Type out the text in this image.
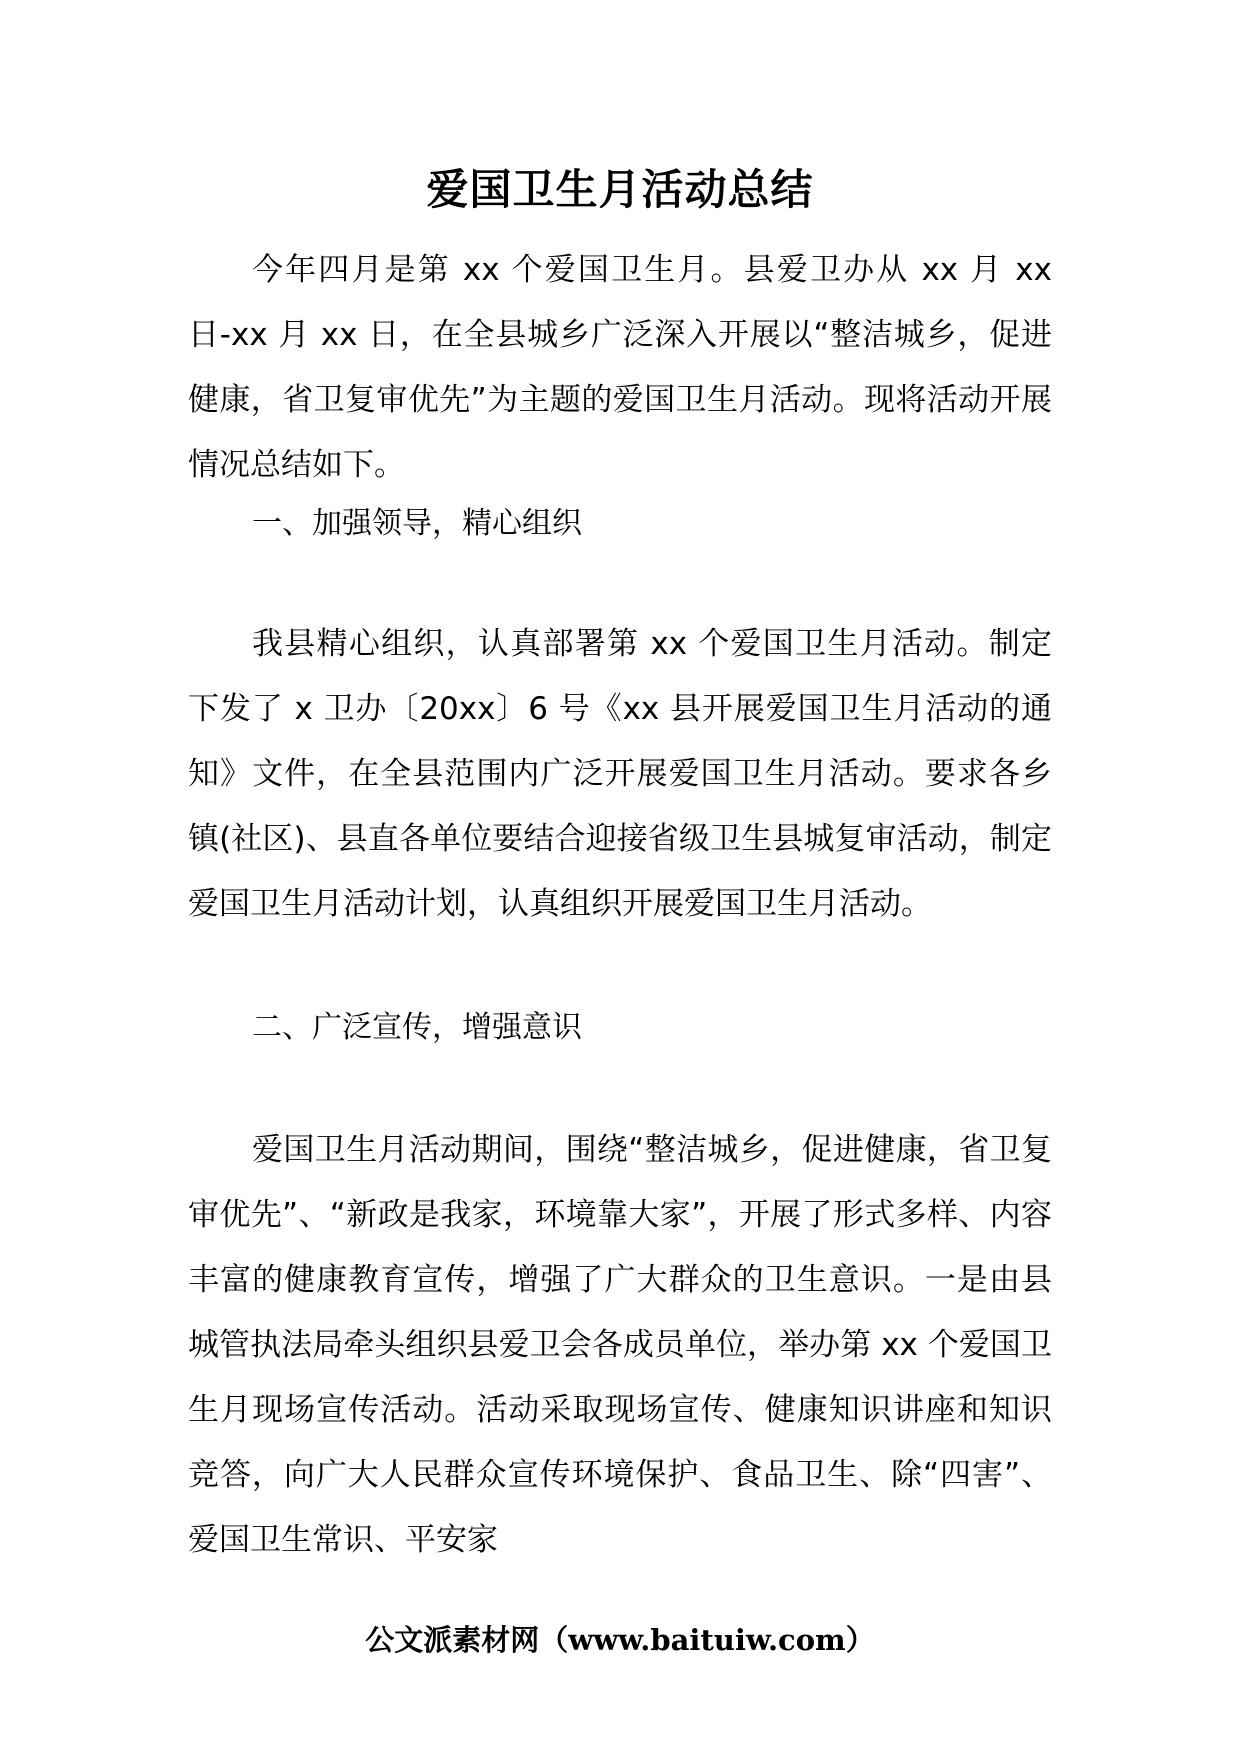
爱国卫生月活动总结

今年四月是第 xx 个爱国卫生月。县爱卫办从 xx 月 xx 日-xx 月 xx 日，在全县城乡广泛深入开展以“整洁城乡，促进健康，省卫复审优先”为主题的爱国卫生月活动。现将活动开展情况总结如下。

一、加强领导，精心组织

我县精心组织，认真部署第 xx 个爱国卫生月活动。制定下发了 x 卫办〔20xx〕6 号《xx 县开展爱国卫生月活动的通知》文件，在全县范围内广泛开展爱国卫生月活动。要求各乡镇(社区)、县直各单位要结合迎接省级卫生县城复审活动，制定爱国卫生月活动计划，认真组织开展爱国卫生月活动。

二、广泛宣传，增强意识

爱国卫生月活动期间，围绕“整洁城乡，促进健康，省卫复审优先”、“新政是我家，环境靠大家”，开展了形式多样、内容丰富的健康教育宣传，增强了广大群众的卫生意识。一是由县城管执法局牵头组织县爱卫会各成员单位，举办第 xx 个爱国卫生月现场宣传活动。活动采取现场宣传、健康知识讲座和知识竞答，向广大人民群众宣传环境保护、食品卫生、除“四害”、爱国卫生常识、平安家

公文派素材网（www.baituiw.com）
